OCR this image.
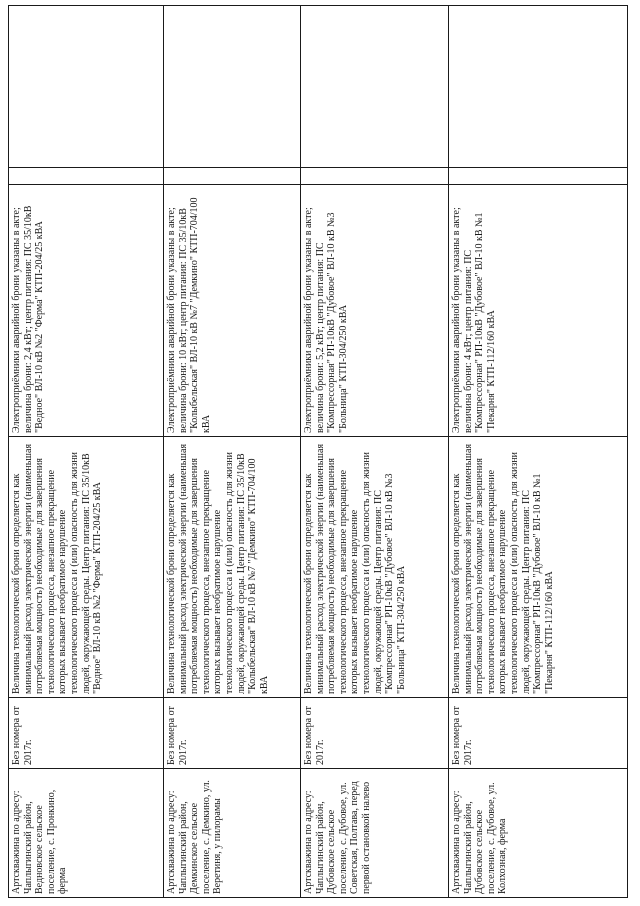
Артскважина по адресу: Чаплыгинский район, Ведновское сельское поселение, с. Пронкино, ферма	Без номера от 2017г.	Величина технологической брони определяется как минимальный расход электрической энергии (наименьшая потребляемая мощность) необходимые для завершения технологического процесса, внезапное прекращение которых вызывает необратимое нарушение технологического процесса и (или) опасность для жизни людей, окружающей среды. Центр питания: ПС 35/10кВ "Ведное" ВЛ-10 кВ №2 "Ферма" КТП-204/25 кВА	Электроприёмники аварийной брони указаны в акте; величина брони: 2,4 кВт; центр питания: ПС 35/10кВ "Ведное" ВЛ-10 кВ №2 "Ферма" КТП-204/25 кВА		
Артскважина по адресу: Чаплыгинский район, Демкинское сельское поселение, с. Демкино, ул. Веретиня, у пилорамы	Без номера от 2017г.	Величина технологической брони определяется как минимальный расход электрической энергии (наименьшая потребляемая мощность) необходимые для завершения технологического процесса, внезапное прекращение которых вызывает необратимое нарушение технологического процесса и (или) опасность для жизни людей, окружающей среды. Центр питания: ПС 35/10кВ "Колыбельская" ВЛ-10 кВ №7 "Демкино" КТП-704/100 кВА	Электроприёмники аварийной брони указаны в акте; величина брони: 10 кВт; центр питания: ПС 35/10кВ "Колыбельская" ВЛ-10 кВ №7 "Демкино" КТП-704/100 кВА		
Артскважина по адресу: Чаплыгинский район, Дубовское сельское поселение, с. Дубовое, ул. Советская, Полтава, перед первой остановкой налево	Без номера от 2017г.	Величина технологической брони определяется как минимальный расход электрической энергии (наименьшая потребляемая мощность) необходимые для завершения технологического процесса, внезапное прекращение которых вызывает необратимое нарушение технологического процесса и (или) опасность для жизни людей, окружающей среды. Центр питания: ПС "Компрессорная" РП-10кВ "Дубовое" ВЛ-10 кВ №3 "Больница" КТП-304/250 кВА	Электроприёмники аварийной брони указаны в акте; величина брони: 5,2 кВт; центр питания: ПС "Компрессорная" РП-10кВ "Дубовое" ВЛ-10 кВ №3 "Больница" КТП-304/250 кВА		
Артскважина по адресу: Чаплыгинский район, Дубовское сельское поселение, с. Дубовое, ул. Колхозная, ферма	Без номера от 2017г.	Величина технологической брони определяется как минимальный расход электрической энергии (наименьшая потребляемая мощность) необходимые для завершения технологического процесса, внезапное прекращение которых вызывает необратимое нарушение технологического процесса и (или) опасность для жизни людей, окружающей среды. Центр питания: ПС "Компрессорная" РП-10кВ "Дубовое" ВЛ-10 кВ №1 "Пекарня" КТП-112/160 кВА	Электроприёмники аварийной брони указаны в акте; величина брони: 4 кВт; центр питания: ПС "Компрессорная" РП-10кВ "Дубовое" ВЛ-10 кВ №1 "Пекарня" КТП-112/160 кВА		
